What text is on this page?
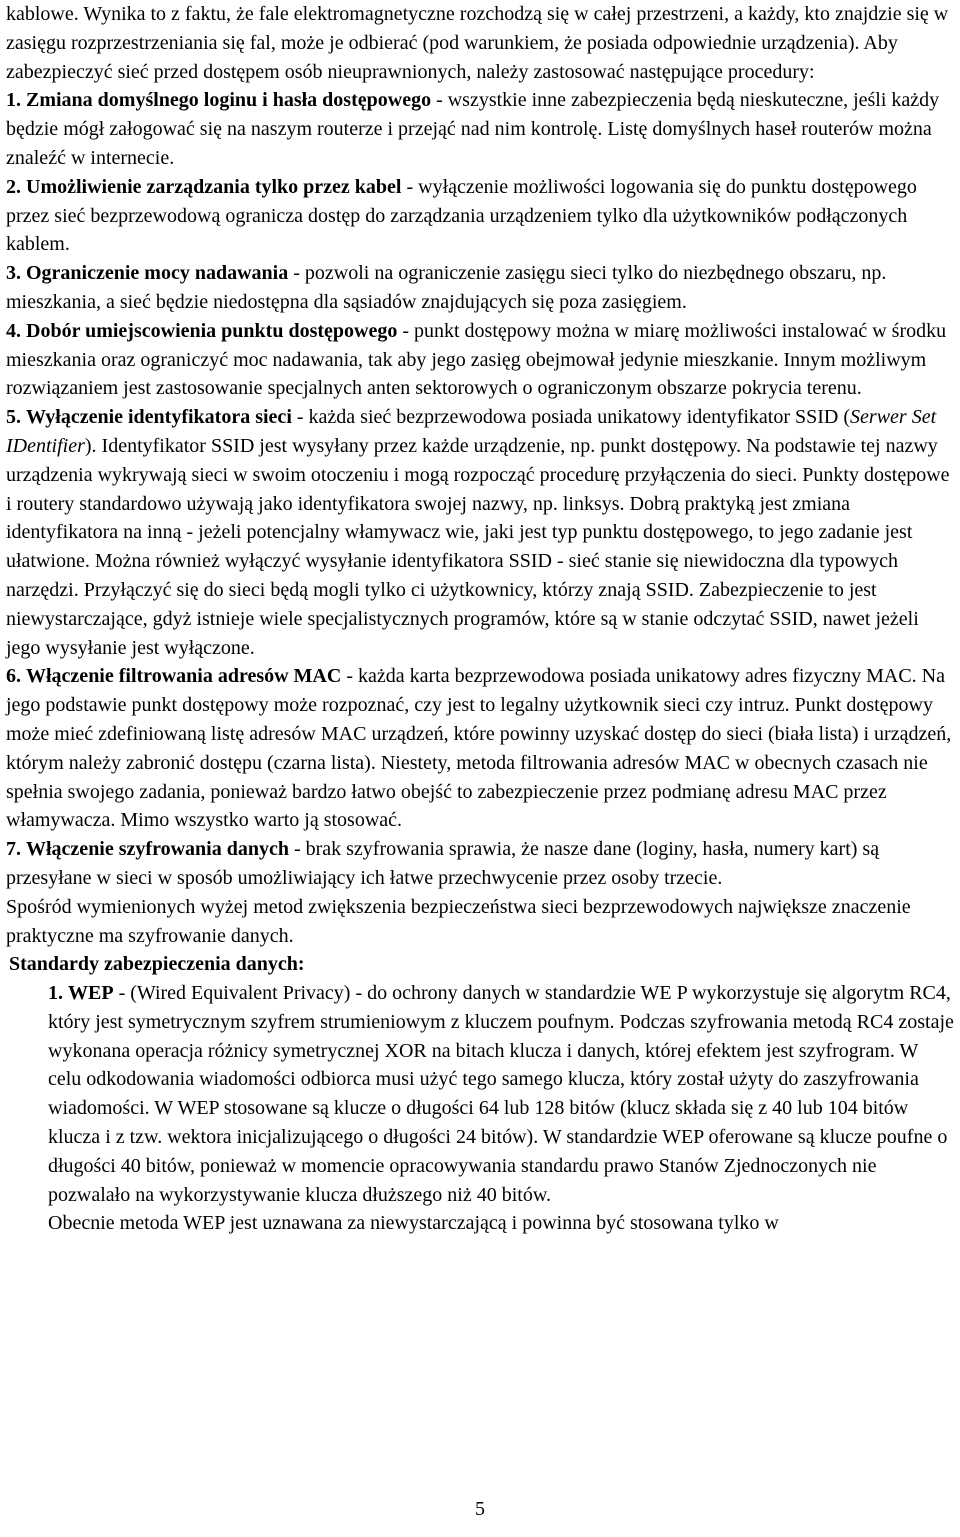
kablowe. Wynika to z faktu, że fale elektromagnetyczne rozchodzą się w całej przestrzeni, a każdy, kto znajdzie się w zasięgu rozprzestrzeniania się fal, może je odbierać (pod warunkiem, że posiada odpowiednie urządzenia). Aby zabezpieczyć sieć przed dostępem osób nieuprawnionych, należy zastosować następujące procedury:

1. Zmiana domyślnego loginu i hasła dostępowego - wszystkie inne zabezpieczenia będą nieskuteczne, jeśli każdy będzie mógł załogować się na naszym routerze i przejąć nad nim kontrolę. Listę domyślnych haseł routerów można znaleźć w internecie.

2. Umożliwienie zarządzania tylko przez kabel - wyłączenie możliwości logowania się do punktu dostępowego przez sieć bezprzewodową ogranicza dostęp do zarządzania urządzeniem tylko dla użytkowników podłączonych kablem.

3. Ograniczenie mocy nadawania - pozwoli na ograniczenie zasięgu sieci tylko do niezbędnego obszaru, np. mieszkania, a sieć będzie niedostępna dla sąsiadów znajdujących się poza zasięgiem.

4. Dobór umiejscowienia punktu dostępowego - punkt dostępowy można w miarę możliwości instalować w środku mieszkania oraz ograniczyć moc nadawania, tak aby jego zasięg obejmował jedynie mieszkanie. Innym możliwym rozwiązaniem jest zastosowanie specjalnych anten sektorowych o ograniczonym obszarze pokrycia terenu.

5. Wyłączenie identyfikatora sieci - każda sieć bezprzewodowa posiada unikatowy identyfikator SSID (Serwer Set IDentifier). Identyfikator SSID jest wysyłany przez każde urządzenie, np. punkt dostępowy. Na podstawie tej nazwy urządzenia wykrywają sieci w swoim otoczeniu i mogą rozpocząć procedurę przyłączenia do sieci. Punkty dostępowe i routery standardowo używają jako identyfikatora swojej nazwy, np. linksys. Dobrą praktyką jest zmiana identyfikatora na inną - jeżeli potencjalny włamywacz wie, jaki jest typ punktu dostępowego, to jego zadanie jest ułatwione. Można również wyłączyć wysyłanie identyfikatora SSID - sieć stanie się niewidoczna dla typowych narzędzi. Przyłączyć się do sieci będą mogli tylko ci użytkownicy, którzy znają SSID. Zabezpieczenie to jest niewystarczające, gdyż istnieje wiele specjalistycznych programów, które są w stanie odczytać SSID, nawet jeżeli jego wysyłanie jest wyłączone.

6. Włączenie filtrowania adresów MAC - każda karta bezprzewodowa posiada unikatowy adres fizyczny MAC. Na jego podstawie punkt dostępowy może rozpoznać, czy jest to legalny użytkownik sieci czy intruz. Punkt dostępowy może mieć zdefiniowaną listę adresów MAC urządzeń, które powinny uzyskać dostęp do sieci (biała lista) i urządzeń, którym należy zabronić dostępu (czarna lista). Niestety, metoda filtrowania adresów MAC w obecnych czasach nie spełnia swojego zadania, ponieważ bardzo łatwo obejść to zabezpieczenie przez podmianę adresu MAC przez włamywacza. Mimo wszystko warto ją stosować.

7. Włączenie szyfrowania danych - brak szyfrowania sprawia, że nasze dane (loginy, hasła, numery kart) są przesyłane w sieci w sposób umożliwiający ich łatwe przechwycenie przez osoby trzecie.

Spośród wymienionych wyżej metod zwiększenia bezpieczeństwa sieci bezprzewodowych największe znaczenie praktyczne ma szyfrowanie danych.

Standardy zabezpieczenia danych:

1. WEP - (Wired Equivalent Privacy) - do ochrony danych w standardzie WE P wykorzystuje się algorytm RC4, który jest symetrycznym szyfrem strumieniowym z kluczem poufnym. Podczas szyfrowania metodą RC4 zostaje wykonana operacja różnicy symetrycznej XOR na bitach klucza i danych, której efektem jest szyfrogram. W celu odkodowania wiadomości odbiorca musi użyć tego samego klucza, który został użyty do zaszyfrowania wiadomości. W WEP stosowane są klucze o długości 64 lub 128 bitów (klucz składa się z 40 lub 104 bitów klucza i z tzw. wektora inicjalizującego o długości 24 bitów). W standardzie WEP oferowane są klucze poufne o długości 40 bitów, ponieważ w momencie opracowywania standardu prawo Stanów Zjednoczonych nie pozwalało na wykorzystywanie klucza dłuższego niż 40 bitów.

Obecnie metoda WEP jest uznawana za niewystarczającą i powinna być stosowana tylko w

5
